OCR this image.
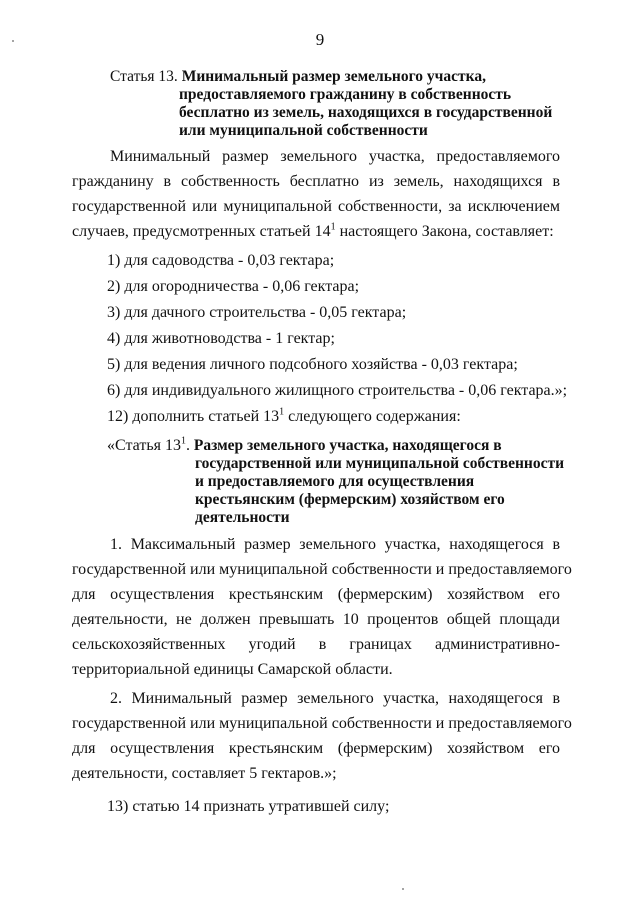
9
Статья 13. Минимальный размер земельного участка,
предоставляемого гражданину в собственность
бесплатно из земель, находящихся в государственной
или муниципальной собственности
Минимальный размер земельного участка, предоставляемого
гражданину в собственность бесплатно из земель, находящихся в
государственной или муниципальной собственности, за исключением
случаев, предусмотренных статьей $14^1$ настоящего Закона, составляет:
1) для садоводства - 0,03 гектара;
2) для огородничества - 0,06 гектара;
3) для дачного строительства - 0,05 гектара;
4) для животноводства - 1 гектар;
5) для ведения личного подсобного хозяйства - 0,03 гектара;
6) для индивидуального жилищного строительства - 0,06 гектара.»;
12) дополнить статьей $13^1$ следующего содержания:
«Статья $13^1$. Размер земельного участка, находящегося в
государственной или муниципальной собственности
и предоставляемого для осуществления
крестьянским (фермерским) хозяйством его
деятельности
1. Максимальный размер земельного участка, находящегося в
государственной или муниципальной собственности и предоставляемого
для осуществления крестьянским (фермерским) хозяйством его
деятельности, не должен превышать 10 процентов общей площади
сельскохозяйственных угодий в границах административно-
территориальной единицы Самарской области.
2. Минимальный размер земельного участка, находящегося в
государственной или муниципальной собственности и предоставляемого
для осуществления крестьянским (фермерским) хозяйством его
деятельности, составляет 5 гектаров.»;
13) статью 14 признать утратившей силу;
